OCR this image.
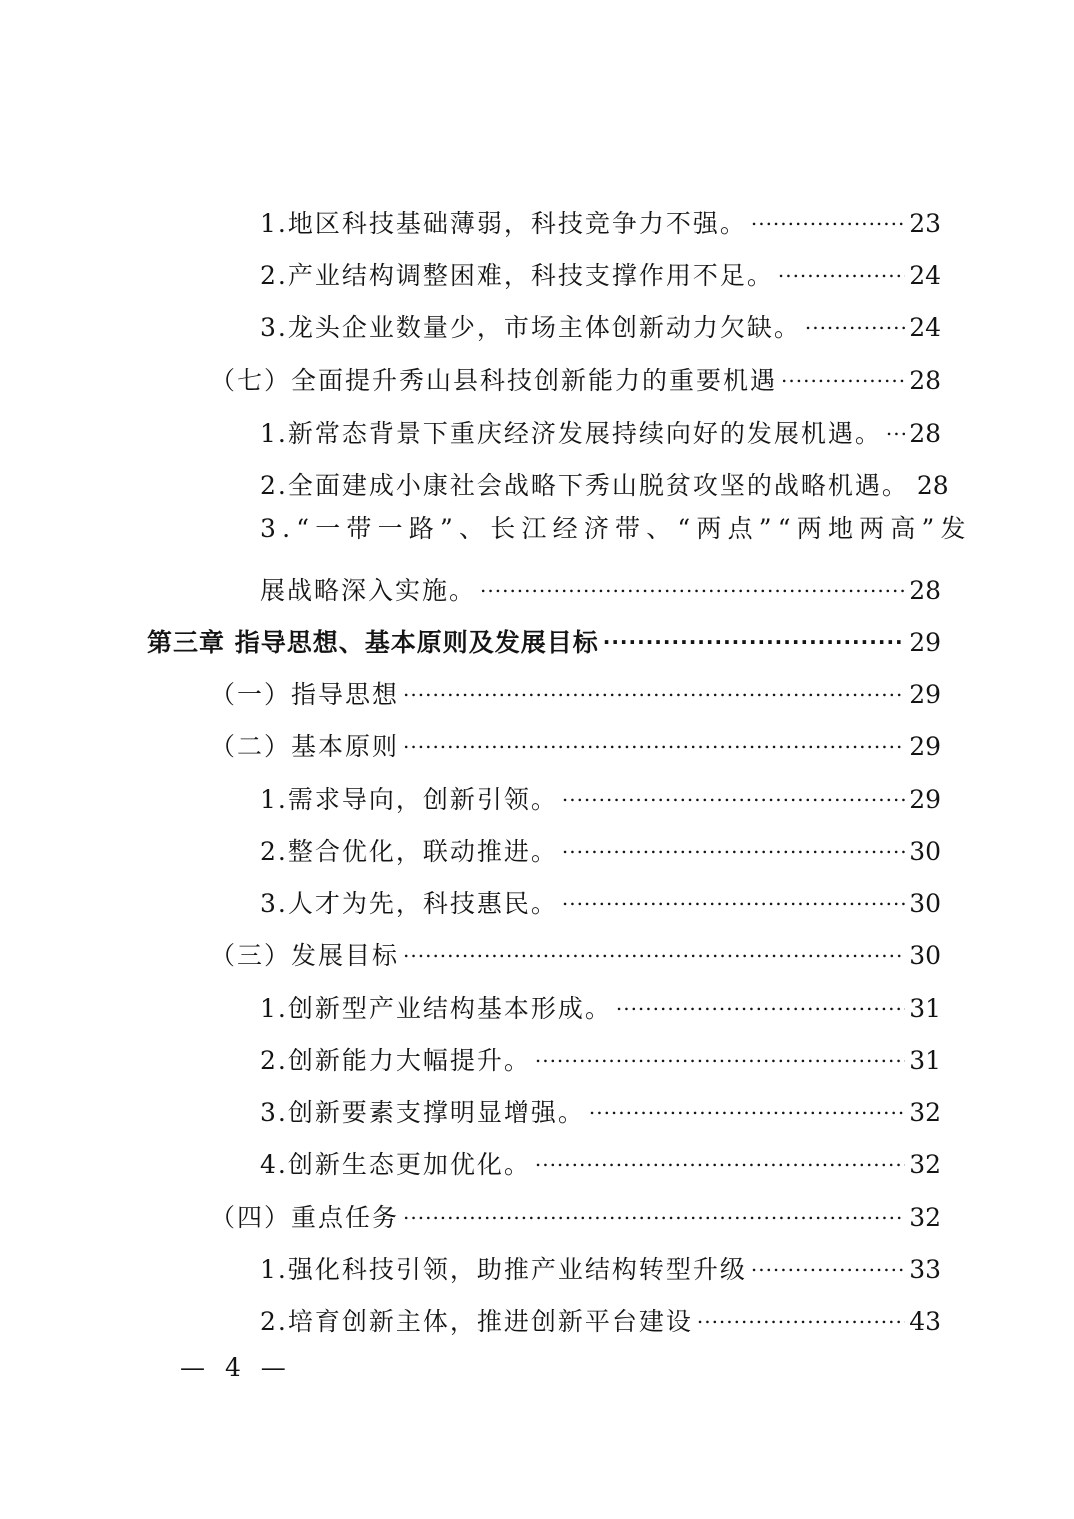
1.地区科技基础薄弱，科技竞争力不强。 .....	23
2.产业结构调整困难，科技支撑作用不足。 .....	24
3.龙头企业数量少，市场主体创新动力欠缺。 .....	24
（七）全面提升秀山县科技创新能力的重要机遇 .....	28
1.新常态背景下重庆经济发展持续向好的发展机遇。 ..... 28
2.全面建成小康社会战略下秀山脱贫攻坚的战略机遇。 28
3.“一带一路”、长江经济带、“两点”“两地两高”发
展战略深入实施。 .....	28
第三章 指导思想、基本原则及发展目标 .....	29
（一）指导思想 .....	29
（二）基本原则 .....	29
1.需求导向，创新引领。 .....	29
2.整合优化，联动推进。 .....	30
3.人才为先，科技惠民。 .....	30
（三）发展目标 .....	30
1.创新型产业结构基本形成。 .....	31
2.创新能力大幅提升。 .....	31
3.创新要素支撑明显增强。 .....	32
4.创新生态更加优化。 .....	32
（四）重点任务 .....	32
1.强化科技引领，助推产业结构转型升级 .....	33
2.培育创新主体，推进创新平台建设 .....	43
— 4 —
